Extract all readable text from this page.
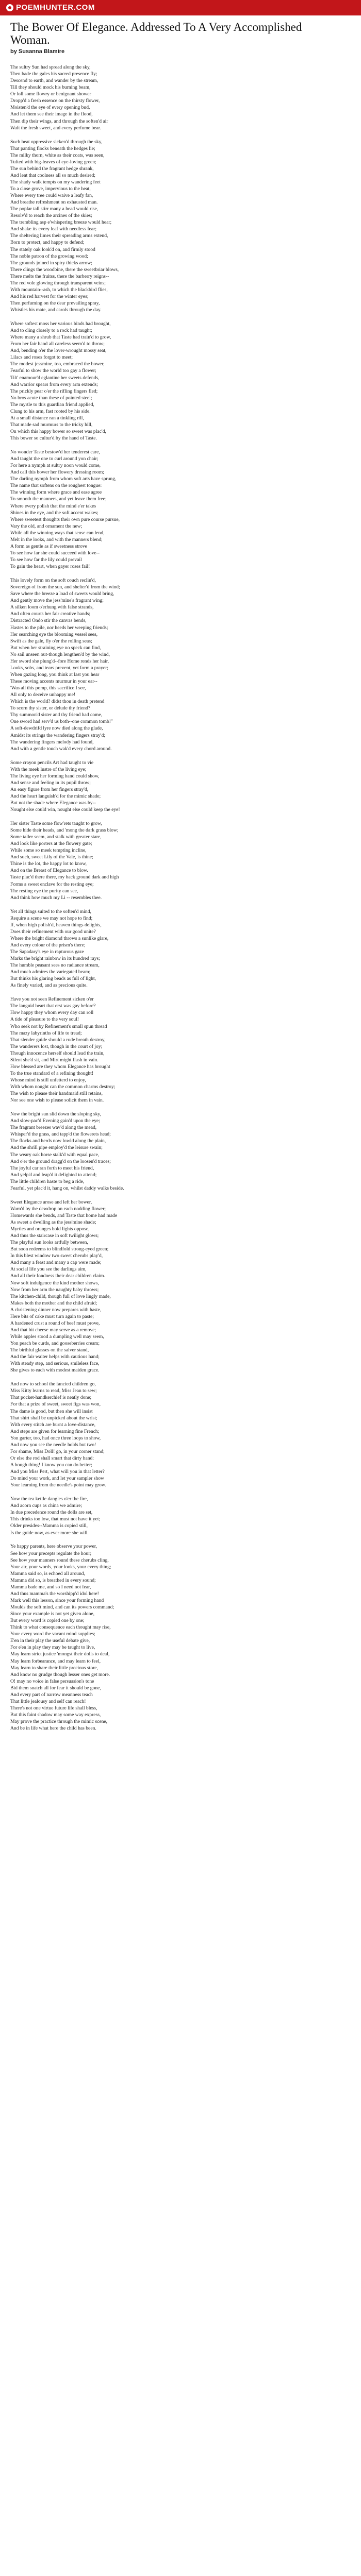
POEMHUNTER.COM
The Bower Of Elegance. Addressed To A Very Accomplished Woman.
by Susanna Blamire
The sultry Sun had spread along the sky,
Then bade the gales his sacred presence fly;
Descend to earth, and wander by the stream,
Till they should mock his burning beam,
Or loll some flowry or benignant shower
Dropp'd a fresh essence on the thirsty flower,
Moisten'd the eye of every opening bud,
And let them see their image in the flood,
Then dip their wings, and through the soften'd air
Waft the fresh sweet, and every perfume bear.
Such heat oppressive sicken'd through the sky,
That panting flocks beneath the hedges lie;
The milky thorn, white as their coats, was seen,
Tufted with big-leaves of eye-loving green;
The sun behind the fragrant hedge shrank,
And lent that coolness all so much desired;
The shady walk tempts on my wandering feet
To a close grove, impervious to the heat,
Where every tree could waive a leafy fan,
And breathe refreshment on exhausted man.
The poplar tall stirr many a head would rise,
Resolv'd to reach the arcines of the skies;
The trembling asp e'whispering breeze would hear;
And shake its every leaf with needless fear;
The sheltering limes their spreading arms extend,
Born to protect, and happy to defend;
The stately oak look'd on, and firmly stood
The noble patron of the growing wood;
The grounds joined in spiry thicks arrow;
There clings the woodbine, there the sweetbriar blows,
There melts the fruitss, there the barberry reigns--
The red vole glowing through transparent veins;
With mountain--ash, to which the blackbird flies,
And his red harvest for the winter eyes;
Then perfuming on the dear prevailing spray,
Whistles his mate, and carols through the day.
Where softest moss her various binds had brought,
And to cling closely to a rock had taught;
Where many a shrub that Taste had train'd to grow,
From her fair hand all careless seem'd to throw;
And, bending o'er the lover-wrought mossy seat,
Lilacs and roses forgot to meet;
The modest jessmine, too, embraced the bower,
Fearful to show the world too gay a flower;
Tilt' enamour'd eglantine her sweets defends,
And warrior spears from every arm extends;
The prickly pear o'er the rifling fingers fled;
No bros acute than these of pointed steel;
The myrtle to this guardian friend applied,
Clung to his arm, fast rooted by his side.
At a small distance ran a tinkling rill,
That made sad murmurs to the tricky hill,
On which this happy bower so sweet was plac'd,
This bower so cultur'd by the hand of Taste.
No wonder Taste bestow'd her tenderest care,
And taught the one to curl around yon chair;
For here a nymph at sultry noon would come,
And call this bower her flowery dressing room;
The darling nymph from whom soft arts have sprung,
The name that softens on the roughest tongue:
The winning form where grace and ease agree
To smooth the manners, and yet leave them free;
Where every polish that the mind e'er takes
Shines in the eye, and the soft accent wakes;
Where sweetest thoughts their own pure course pursue,
Vary the old, and ornament the new;
While all the winning ways that sense can lend,
Melt in the looks, and with the manners blend;
A form as gentle as if sweetness strove
To see how far she could succeed with love--
To see how far the lily could prevail
To gain the heart, when gayer roses fail!
This lovely form on the soft couch reclin'd,
Sovereign of from the sun, and shelter'd from the wind;
Save where the breeze a load of sweets would bring,
And gently move the jess'mine's fragrant wing;
A silken loom o'erhung with false strands,
And often courts her fair creative hands;
Distracted Ondo stir the canvas bends,
Hastes to the pile, nor heeds her weeping friends;
Her searching eye the blooming vessel sees,
Swift as the gale, fly o'er the rolling seas;
But when her straining eye no speck can find,
No sail unseen out-though lengthen'd by the wind,
Her sword she plung'd--fore Home rends her hair,
Looks, sobs, and tears prevent, yet form a prayer;
When gazing long, you think at last you hear
These moving accents murmur in your ear--
'Was all this pomp, this sacrifice I see,
All only to deceive unhappy me!
Which is the world? didst thou in death pretend
To scorn thy sister, or delude thy friend?
Thy summon'd sister and thy friend had come,
One sword had serv'd us both--one common tomb!"
A soft-dewdrifd lyre now died along the glade,
Amidst its strings the wandering fingers stray'd;
The wandering fingers melody had found,
And with a gentle touch wak'd every chord around.
Some crayon pencils Art had taught to vie
With the meek lustre of the living eye;
The living eye her forming hand could show,
And sense and feeling in its pupil throw;
An easy figure from her fingers stray'd,
And the heart languish'd for the mimic shade;
But not the shade where Elegance was by--
Nought else could win, nought else could keep the eye!
Her sister Taste some flow'rets taught to grow,
Some hide their heads, and 'mong the dark grass blow;
Some taller seem, and stalk with greater stare,
And look like porters at the flowery gate;
While some so meek tempting incline,
And such, sweet Lily of the Vale, is thine;
Thine is the lot, the happy lot to know,
And on the Breast of Elegance to blow.
Taste plac'd there there, my back ground dark and high
Forms a sweet enclave for the resting eye;
The resting eye the purity can see,
And think how much my Li -- resembles thee.
Yet all things suited to the soften'd mind,
Require a scene we may not hope to find;
If, when high polish'd, heaven things delights,
Does their refinement with our good unite?
Where the bright diamond throws a sunlike glare,
And every colour of the prism's there;
The Sapadary's eye in rapturous gaze
Marks the bright rainbow in its hundred rays;
The humble peasant sees no radiance stream,
And much admires the variegated beam;
But thinks his glaring beads as full of light,
As finely varied, and as precious quite.
Have you not seen Refinement sicken o'er
The languid heart that erst was gay before?
How happy they whom every day can roll
A tide of pleasure to the very soul!
Who seek not by Refinement's small spun thread
The mazy labyrinths of life to tread;
That slender guide should a rude breath destroy,
The wanderers lost, though in the court of joy;
Though innocence herself should lead the train,
Silent she'd sit, and Mirt might flash in vain.
How blessed are they whom Elegance has brought
To the true standard of a refining thought!
Whose mind is still unfetterd to enjoy,
With whom nought can the common charms destroy;
The wish to please their handmaid still retains,
Nor see one wish to please solicit them in vain.
Now the bright sun slid down the sloping sky,
And slow-pac'd Evening gain'd upon the eye;
The fragrant breezes wav'd along the mead,
Whisper'd the grass, and tapp'd the flowerets head;
The flocks and herds now lowld along the plain,
And the shrill pipe employ'd the leisure swain;
The weary oak horse stalk'd with equal pace,
And o'er the ground dragg'd on the loosen'd traces;
The joyful car ran forth to meet his friend,
And yelp'd and leap'd it delighted to attend;
The little children haste to beg a ride,
Fearful, yet plac'd it, hang on, whilst daddy walks beside.
Sweet Elegance arose and left her bower,
Warn'd by the dewdrop on each nodding flower;
Homewards she bends, and Taste that home had made
As sweet a dwelling as the jess'mine shade;
Myrtles and oranges bold lights oppose,
And thus the staircase in soft twilight glows;
The playful sun looks artfully between,
But soon redeems to blindfold strong-eyed green;
In this blest window two sweet cherubs play'd,
And many a feast and many a cap were made;
At social life you see the darlings aim,
And all their fondness their dear children claim.
Now soft indulgence the kind mother shows,
Now from her arm the naughty baby throws;
The kitchen-child, though full of love lingly made,
Makes both the mother and the child afraid;
A christening dinner now prepares with haste,
Here bits of cake must turn again to paste;
A hardened crust a round of beef must prove,
And that bit cheese may serve as a remove;
While apples stood a dumpling well may seem,
Yon peach be curds, and gooseberries cream;
The birthful glasses on the salver stand,
And the fair waiter helps with cautious hand;
With steady step, and serious, smileless face,
She gives to each with modest maiden grace.
And now to school the fancied children go,
Miss Kitty learns to read, Miss Jean to sew;
That pocket-handkerchief is neatly done;
For that a prize of sweet, sweet figs was won,
The dame is good, but then she will insist
That shirt shall be unpicked about the wrist;
With every stitch are burnt a love-distance,
And steps are given for learning fine French;
Yon garter, too, had once three loops to show,
And now you see the needle holds but two!
For shame, Miss Doll! go, in your corner stand;
Or else the rod shall smart that dirty hand:
A hough thing! I know you can do better;
And you Miss Pert, what will you in that letter?
Do mind your work, and let your sampler show
Your learning from the needle's point may grow.
Now the tea kettle dangles o'er the fire,
And acorn cups as china we admire;
In due precedence round the dolls are set,
This drinks too low, that must not have it yet;
Older presides--Mamma is copied still,
Is the guide now, as ever more she will.
Ye happy parents, here observe your power,
See how your precepts regulate the hour;
See how your manners round these cherubs cling,
Your air, your words, your looks, your every thing;
Mamma said so, is echoed all around,
Mamma did so, is breathed in every sound;
Mamma bade me, and so I need not fear,
And thus mamma's the worshipp'd idol here!
Mark well this lesson, since your forming hand
Moulds the soft mind, and can its powers command;
Since your example is not yet given alone,
But every word is copied one by one;
Think to what consequence each thought may rise,
Your every word the vacant mind supplies;
E'en in their play the useful debate give,
For e'en in play they may be taught to live,
May learn strict justice 'mongst their dolls to deal,
May learn forbearance, and may learn to feel,
May learn to share their little precious store,
And know no grudge though lesser ones get more.
O! may no voice in false persuasion's tone
Bid them snatch all for fear it should be gone,
And every part of narrow meanness teach
That little jealousy and self can reach!
There's not one virtue future life shall bless,
But this faint shadow may some way express,
May prove the practice through the mimic scene,
And be in life what here the child has been.
